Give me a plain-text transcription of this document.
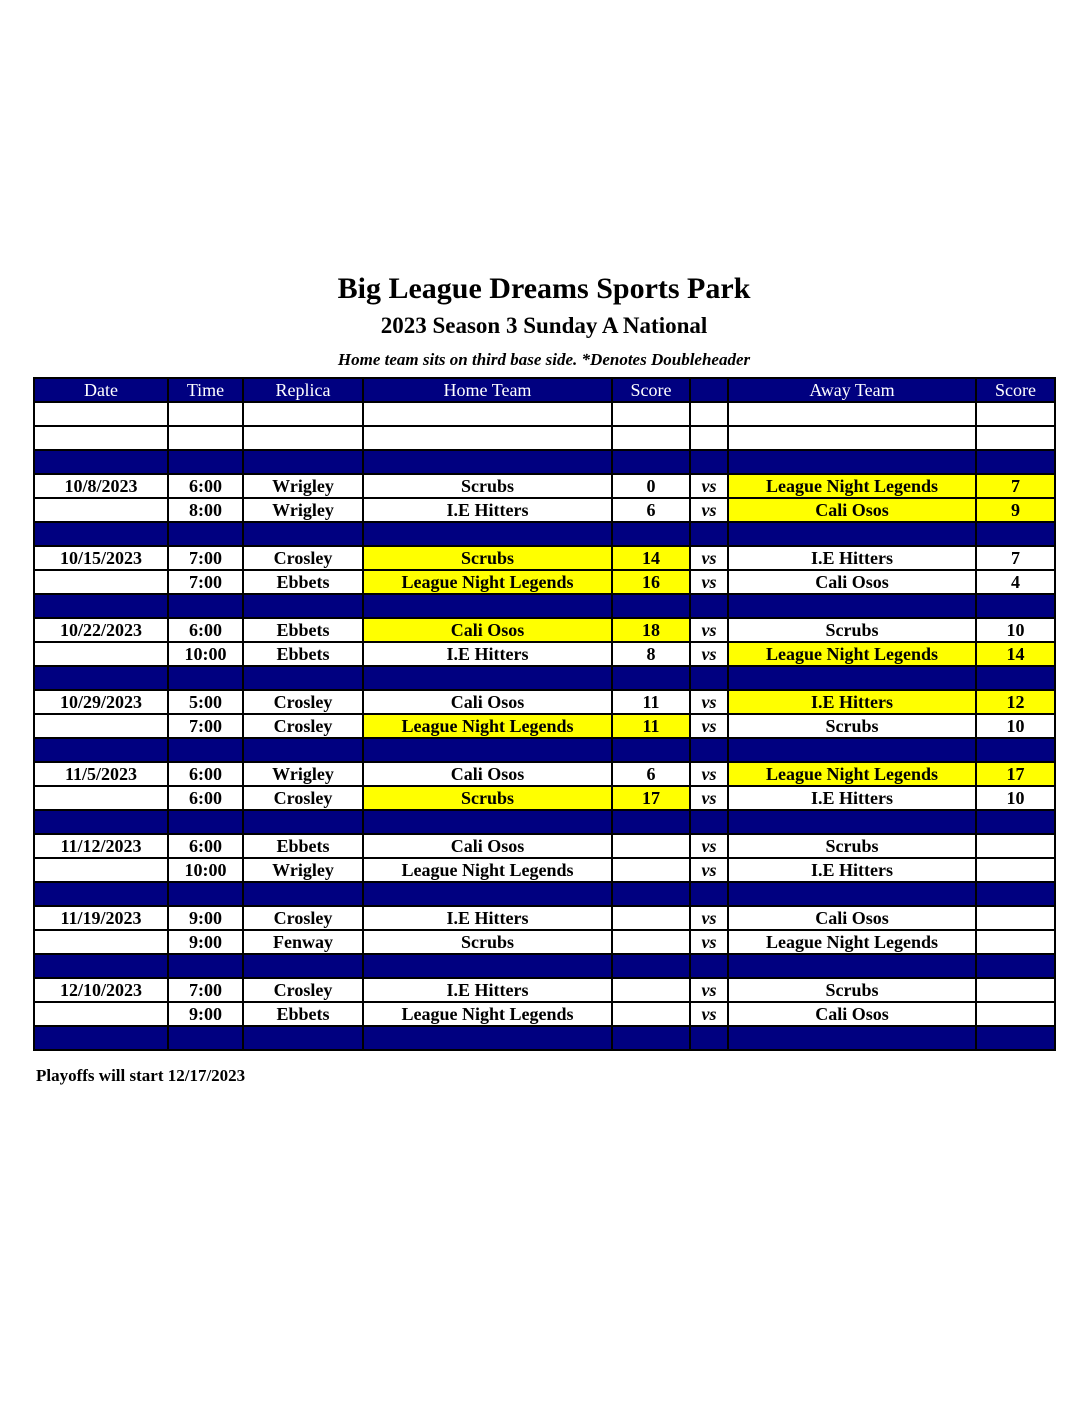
Big League Dreams Sports Park
2023 Season 3 Sunday A National
Home team sits on third base side. *Denotes Doubleheader
Date	Time	Replica	Home Team	Score		Away Team	Score

10/8/2023	6:00	Wrigley	Scrubs	0	vs	League Night Legends	7
	8:00	Wrigley	I.E Hitters	6	vs	Cali Osos	9

10/15/2023	7:00	Crosley	Scrubs	14	vs	I.E Hitters	7
	7:00	Ebbets	League Night Legends	16	vs	Cali Osos	4

10/22/2023	6:00	Ebbets	Cali Osos	18	vs	Scrubs	10
	10:00	Ebbets	I.E Hitters	8	vs	League Night Legends	14

10/29/2023	5:00	Crosley	Cali Osos	11	vs	I.E Hitters	12
	7:00	Crosley	League Night Legends	11	vs	Scrubs	10

11/5/2023	6:00	Wrigley	Cali Osos	6	vs	League Night Legends	17
	6:00	Crosley	Scrubs	17	vs	I.E Hitters	10

11/12/2023	6:00	Ebbets	Cali Osos		vs	Scrubs	
	10:00	Wrigley	League Night Legends		vs	I.E Hitters	

11/19/2023	9:00	Crosley	I.E Hitters		vs	Cali Osos	
	9:00	Fenway	Scrubs		vs	League Night Legends	

12/10/2023	7:00	Crosley	I.E Hitters		vs	Scrubs	
	9:00	Ebbets	League Night Legends		vs	Cali Osos	

Playoffs will start 12/17/2023
